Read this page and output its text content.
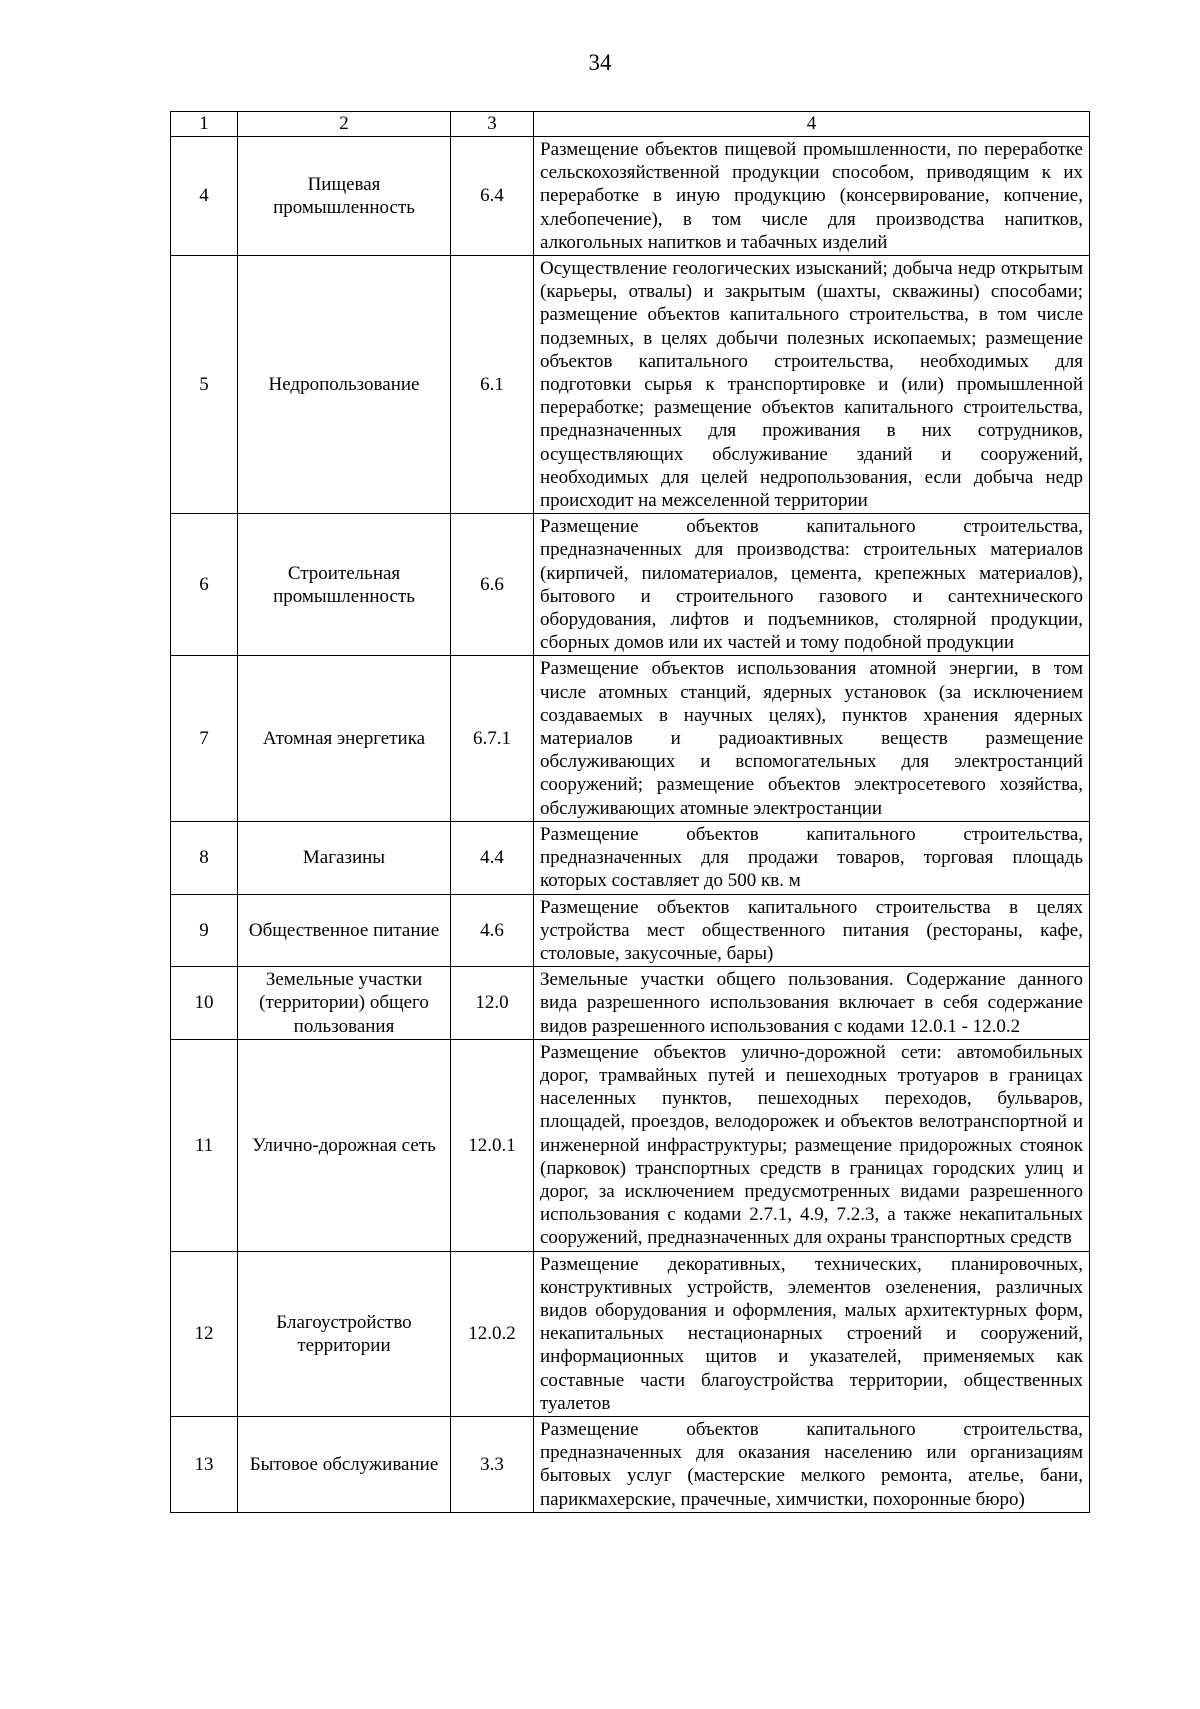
34
1	2	3	4
4	Пищевая промышленность	6.4	Размещение объектов пищевой промышленности, по переработке сельскохозяйственной продукции способом, приводящим к их переработке в иную продукцию (консервирование, копчение, хлебопечение), в том числе для производства напитков, алкогольных напитков и табачных изделий
5	Недропользование	6.1	Осуществление геологических изысканий; добыча недр открытым (карьеры, отвалы) и закрытым (шахты, скважины) способами; размещение объектов капитального строительства, в том числе подземных, в целях добычи полезных ископаемых; размещение объектов капитального строительства, необходимых для подготовки сырья к транспортировке и (или) промышленной переработке; размещение объектов капитального строительства, предназначенных для проживания в них сотрудников, осуществляющих обслуживание зданий и сооружений, необходимых для целей недропользования, если добыча недр происходит на межселенной территории
6	Строительная промышленность	6.6	Размещение объектов капитального строительства, предназначенных для производства: строительных материалов (кирпичей, пиломатериалов, цемента, крепежных материалов), бытового и строительного газового и сантехнического оборудования, лифтов и подъемников, столярной продукции, сборных домов или их частей и тому подобной продукции
7	Атомная энергетика	6.7.1	Размещение объектов использования атомной энергии, в том числе атомных станций, ядерных установок (за исключением создаваемых в научных целях), пунктов хранения ядерных материалов и радиоактивных веществ размещение обслуживающих и вспомогательных для электростанций сооружений; размещение объектов электросетевого хозяйства, обслуживающих атомные электростанции
8	Магазины	4.4	Размещение объектов капитального строительства, предназначенных для продажи товаров, торговая площадь которых составляет до 500 кв. м
9	Общественное питание	4.6	Размещение объектов капитального строительства в целях устройства мест общественного питания (рестораны, кафе, столовые, закусочные, бары)
10	Земельные участки (территории) общего пользования	12.0	Земельные участки общего пользования. Содержание данного вида разрешенного использования включает в себя содержание видов разрешенного использования с кодами 12.0.1 - 12.0.2
11	Улично-дорожная сеть	12.0.1	Размещение объектов улично-дорожной сети: автомобильных дорог, трамвайных путей и пешеходных тротуаров в границах населенных пунктов, пешеходных переходов, бульваров, площадей, проездов, велодорожек и объектов велотранспортной и инженерной инфраструктуры; размещение придорожных стоянок (парковок) транспортных средств в границах городских улиц и дорог, за исключением предусмотренных видами разрешенного использования с кодами 2.7.1, 4.9, 7.2.3, а также некапитальных сооружений, предназначенных для охраны транспортных средств
12	Благоустройство территории	12.0.2	Размещение декоративных, технических, планировочных, конструктивных устройств, элементов озеленения, различных видов оборудования и оформления, малых архитектурных форм, некапитальных нестационарных строений и сооружений, информационных щитов и указателей, применяемых как составные части благоустройства территории, общественных туалетов
13	Бытовое обслуживание	3.3	Размещение объектов капитального строительства, предназначенных для оказания населению или организациям бытовых услуг (мастерские мелкого ремонта, ателье, бани, парикмахерские, прачечные, химчистки, похоронные бюро)
